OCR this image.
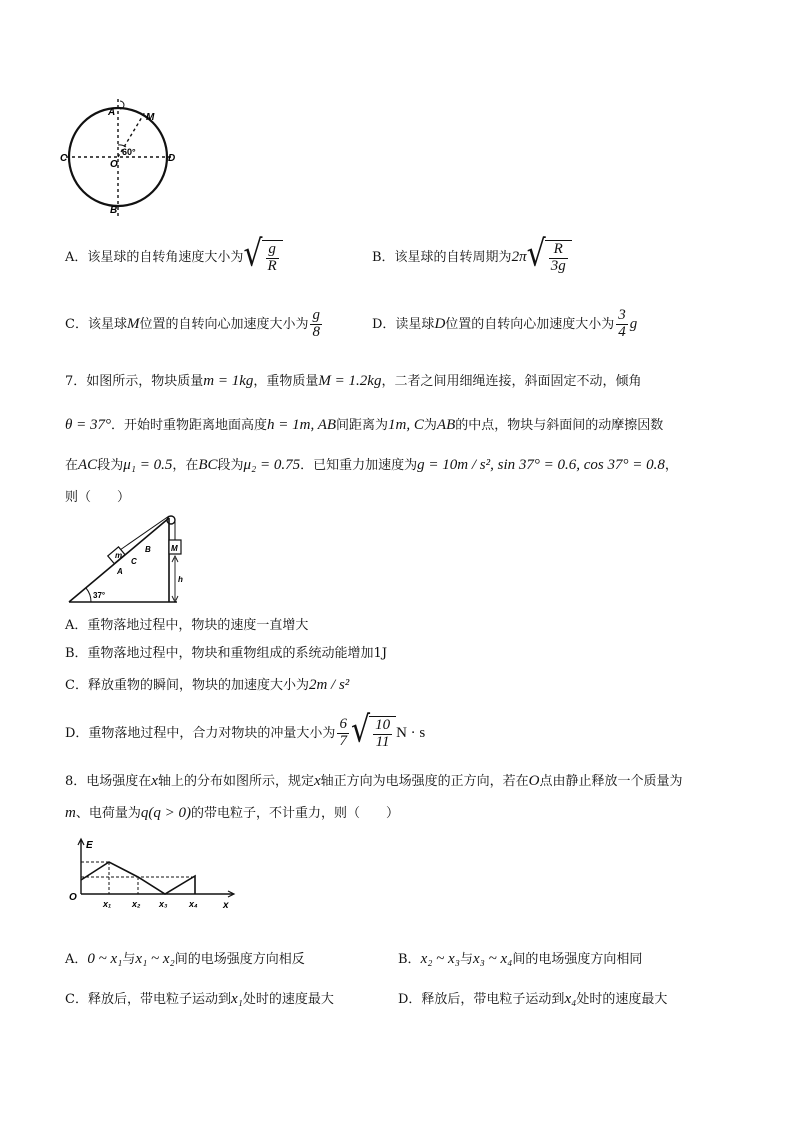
A	M
C	D
O
B
60°
A．该星球的自转角速度大小为 √ $\frac{g}{R}$	B．该星球的自转周期为2π √ $\frac{R}{3g}$
C．该星球M位置的自转向心加速度大小为 $\frac{g}{8}$	D．读星球D位置的自转向心加速度大小为 $\frac{3}{4}$ g
7．如图所示，物块质量m = 1kg，重物质量M = 1.2kg，二者之间用细绳连接，斜面固定不动，倾角
θ = 37°．开始时重物距离地面高度h = 1m, AB间距离为1m, C为AB的中点，物块与斜面间的动摩擦因数
在AC段为μ₁ = 0.5，在BC段为μ₂ = 0.75．已知重力加速度为g = 10m / s², sin 37° = 0.6, cos 37° = 0.8，
则（　　）
m
M
B
C
A
h
37°
A．重物落地过程中，物块的速度一直增大
B．重物落地过程中，物块和重物组成的系统动能增加1J
C．释放重物的瞬间，物块的加速度大小为2m / s²
D．重物落地过程中，合力对物块的冲量大小为 $\frac{6}{7}$ √ $\frac{10}{11}$ N · s
8．电场强度在x轴上的分布如图所示，规定x轴正方向为电场强度的正方向，若在O点由静止释放一个质量为
m、电荷量为q(q > 0)的带电粒子，不计重力，则（　　）
E
O
x₁ x₂ x₃ x₄	x
A．0 ~ x₁与x₁ ~ x₂间的电场强度方向相反	B．x₂ ~ x₃与x₃ ~ x₄间的电场强度方向相同
C．释放后，带电粒子运动到x₁处时的速度最大	D．释放后，带电粒子运动到x₄处时的速度最大
